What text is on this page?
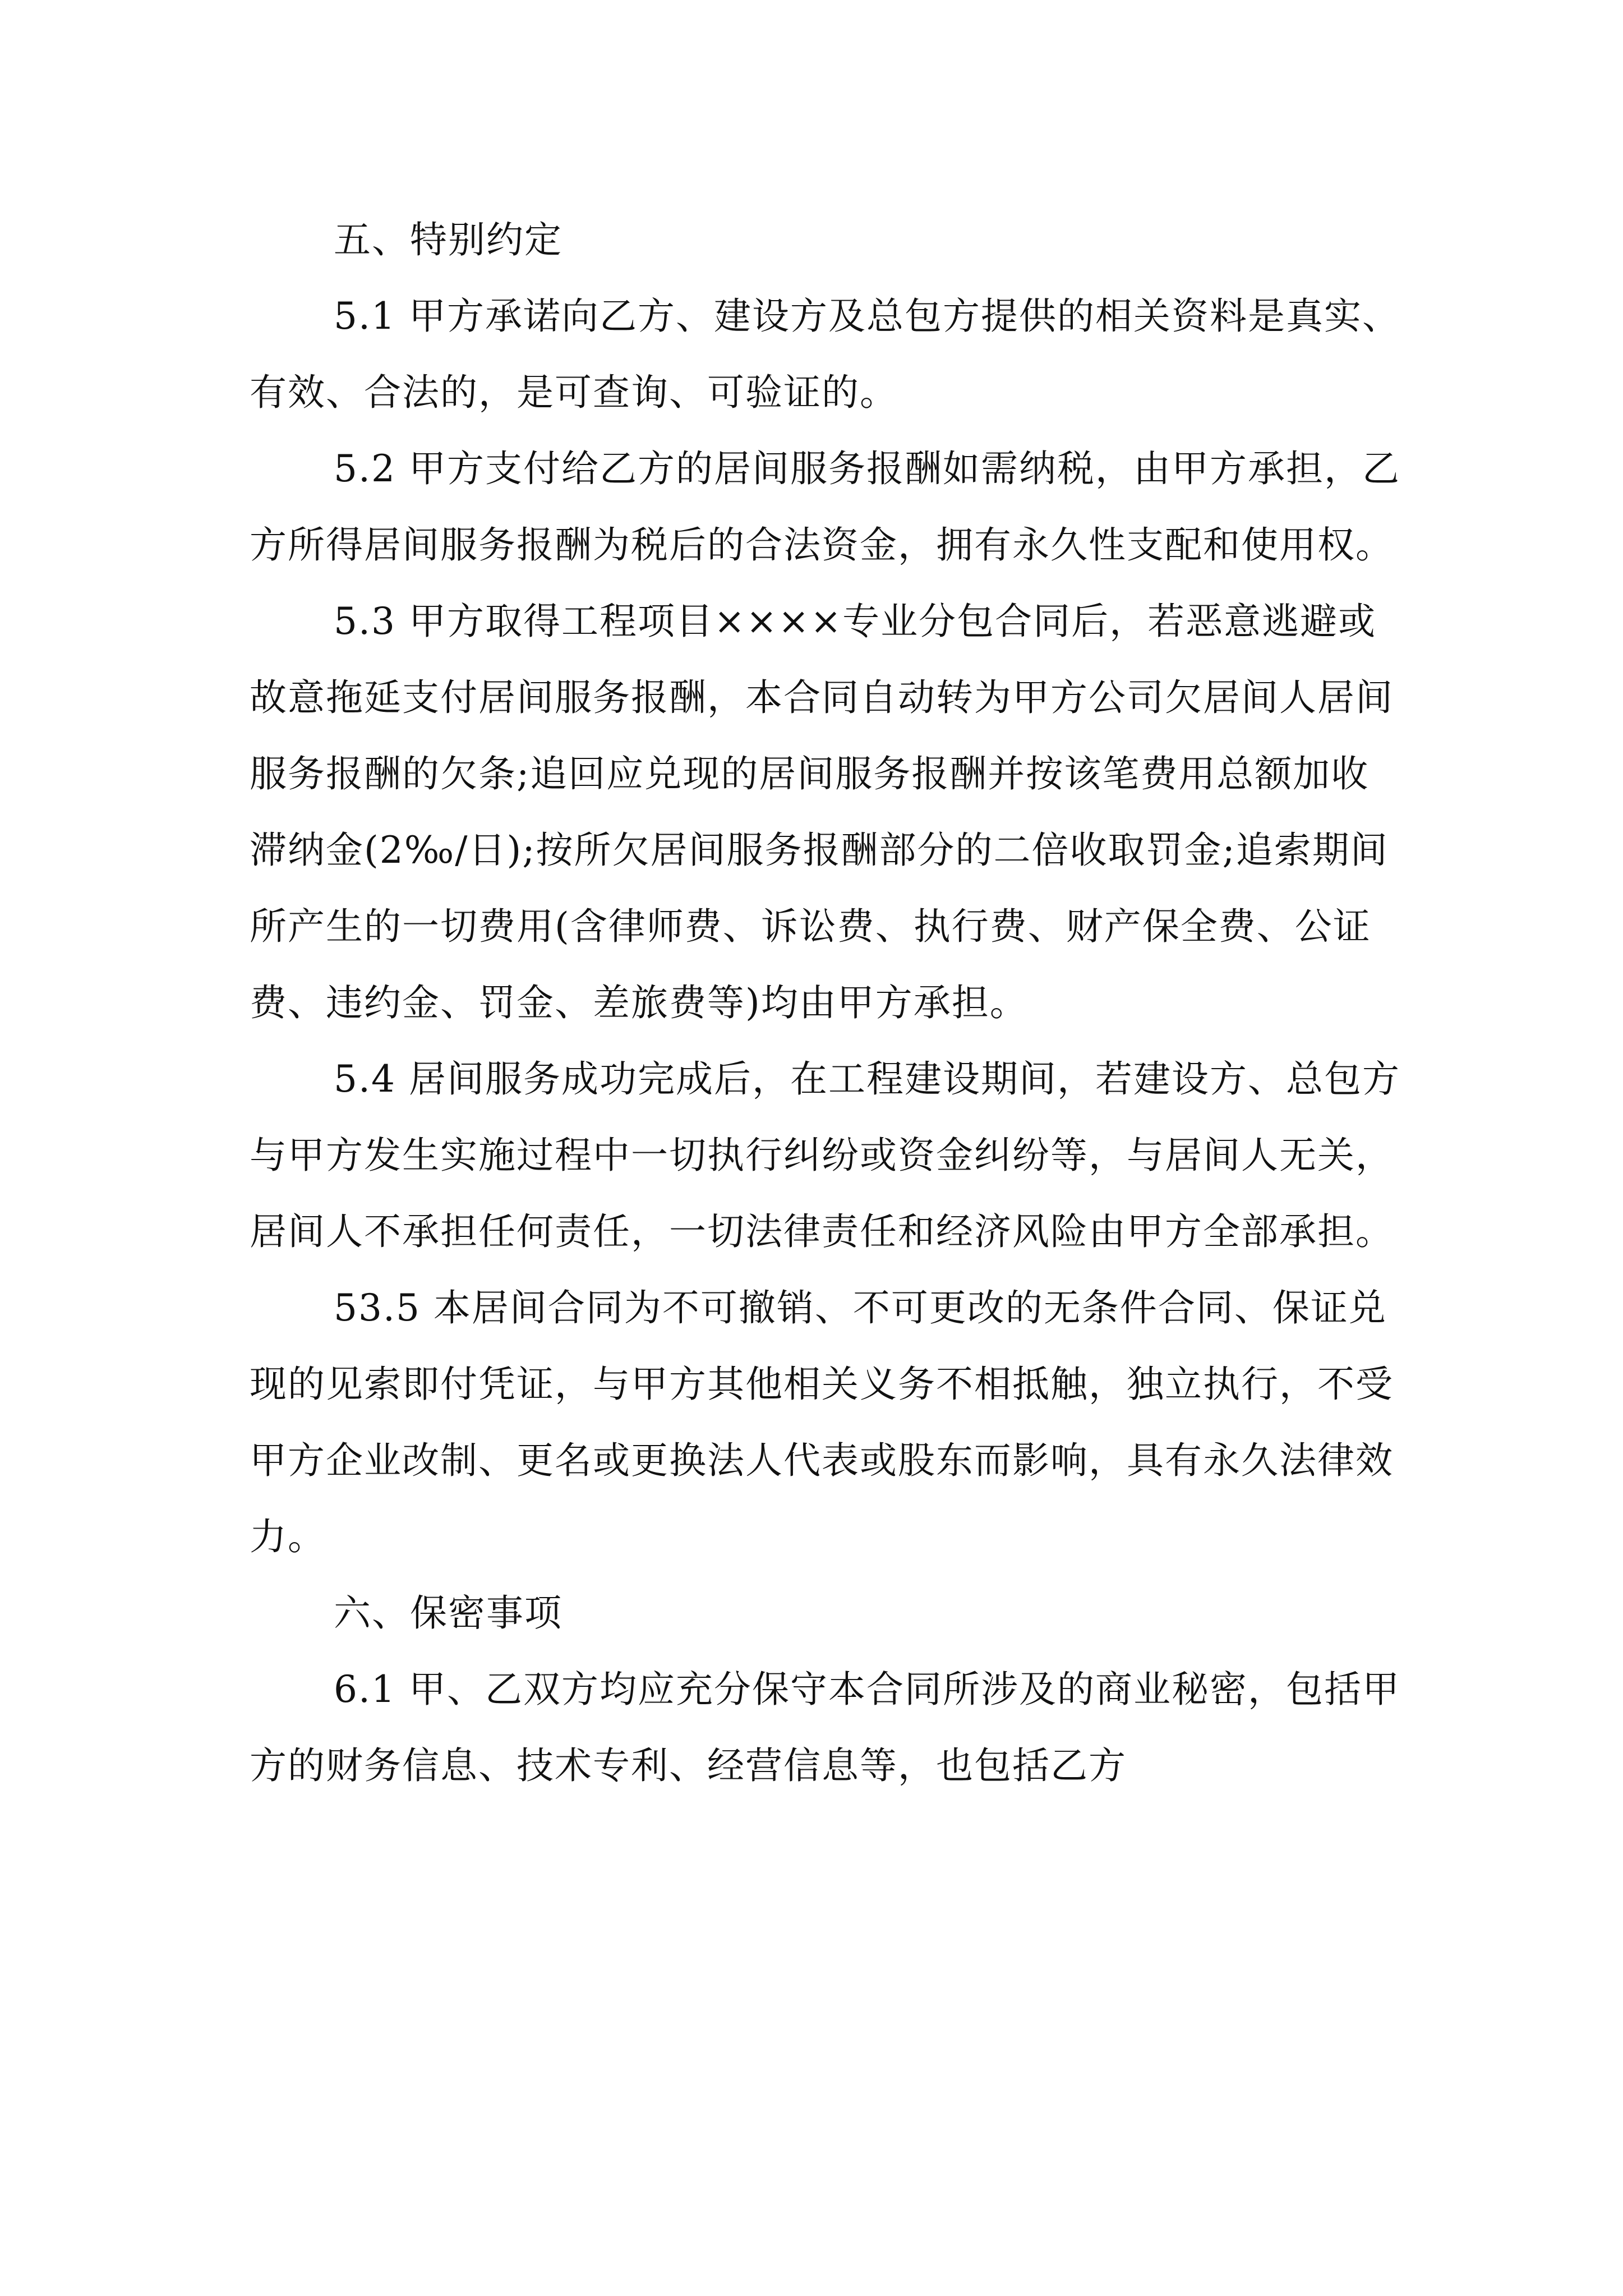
五、特别约定

5.1 甲方承诺向乙方、建设方及总包方提供的相关资料是真实、有效、合法的，是可查询、可验证的。

5.2 甲方支付给乙方的居间服务报酬如需纳税，由甲方承担，乙方所得居间服务报酬为税后的合法资金，拥有永久性支配和使用权。

5.3 甲方取得工程项目××××专业分包合同后，若恶意逃避或故意拖延支付居间服务报酬，本合同自动转为甲方公司欠居间人居间服务报酬的欠条;追回应兑现的居间服务报酬并按该笔费用总额加收滞纳金(2‰/日);按所欠居间服务报酬部分的二倍收取罚金;追索期间所产生的一切费用(含律师费、诉讼费、执行费、财产保全费、公证费、违约金、罚金、差旅费等)均由甲方承担。

5.4 居间服务成功完成后，在工程建设期间，若建设方、总包方与甲方发生实施过程中一切执行纠纷或资金纠纷等，与居间人无关，居间人不承担任何责任，一切法律责任和经济风险由甲方全部承担。

53.5 本居间合同为不可撤销、不可更改的无条件合同、保证兑现的见索即付凭证，与甲方其他相关义务不相抵触，独立执行，不受甲方企业改制、更名或更换法人代表或股东而影响，具有永久法律效力。

六、保密事项

6.1 甲、乙双方均应充分保守本合同所涉及的商业秘密，包括甲方的财务信息、技术专利、经营信息等，也包括乙方
